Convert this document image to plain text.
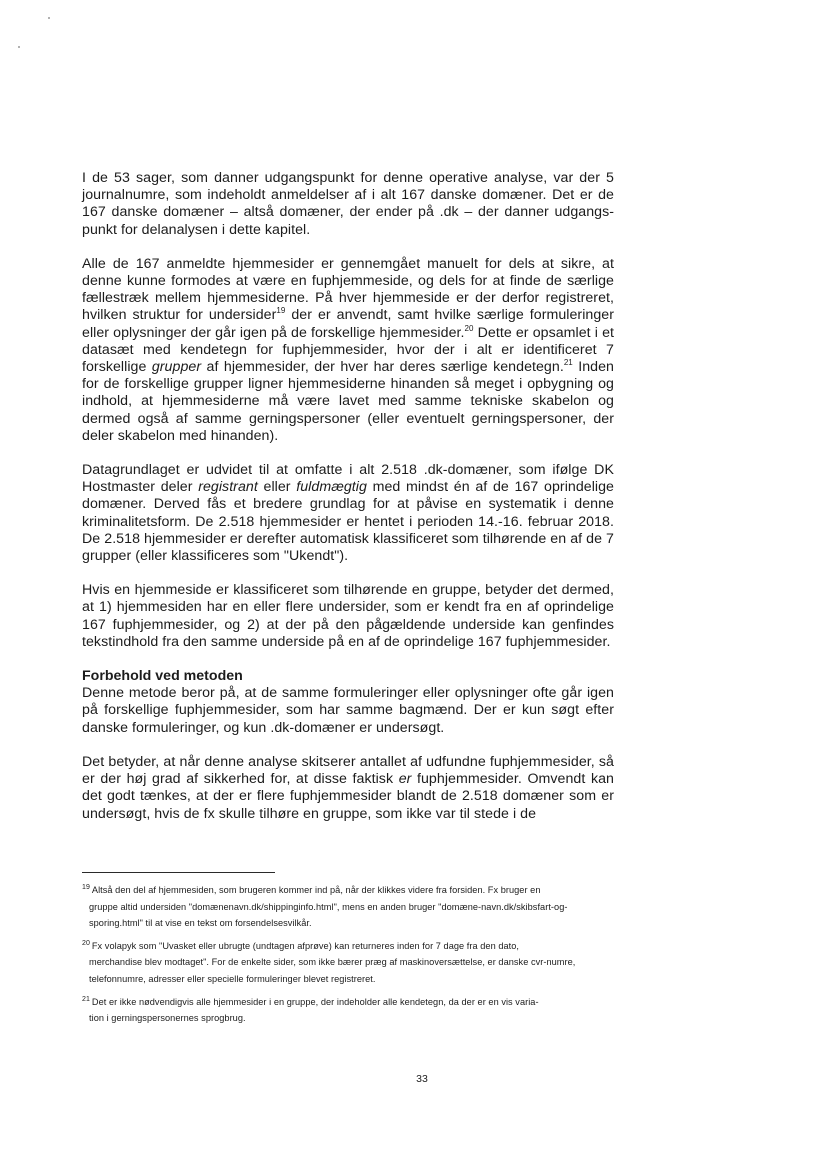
I de 53 sager, som danner udgangspunkt for denne operative analyse, var der 5 journalnumre, som indeholdt anmeldelser af i alt 167 danske domæner. Det er de 167 danske domæner – altså domæner, der ender på .dk – der danner udgangspunkt for delanalysen i dette kapitel.

Alle de 167 anmeldte hjemmesider er gennemgået manuelt for dels at sikre, at denne kunne formodes at være en fuphjemmeside, og dels for at finde de særlige fællestræk mellem hjemmesiderne. På hver hjemmeside er der derfor registreret, hvilken struktur for undersider$^{19}$ der er anvendt, samt hvilke særlige formuleringer eller oplysninger der går igen på de forskellige hjemmesider.$^{20}$ Dette er opsamlet i et datasæt med kendetegn for fuphjemmesider, hvor der i alt er identificeret 7 forskellige grupper af hjemmesider, der hver har deres særlige kendetegn.$^{21}$ Inden for de forskellige grupper ligner hjemmesiderne hinanden så meget i opbygning og indhold, at hjemmesiderne må være lavet med samme tekniske skabelon og dermed også af samme gerningspersoner (eller eventuelt gerningspersoner, der deler skabelon med hinanden).

Datagrundlaget er udvidet til at omfatte i alt 2.518 .dk-domæner, som ifølge DK Hostmaster deler registrant eller fuldmægtig med mindst én af de 167 oprindelige domæner. Derved fås et bredere grundlag for at påvise en systematik i denne kriminalitetsform. De 2.518 hjemmesider er hentet i perioden 14.-16. februar 2018. De 2.518 hjemmesider er derefter automatisk klassificeret som tilhørende en af de 7 grupper (eller klassificeres som "Ukendt").

Hvis en hjemmeside er klassificeret som tilhørende en gruppe, betyder det dermed, at 1) hjemmesiden har en eller flere undersider, som er kendt fra en af oprindelige 167 fuphjemmesider, og 2) at der på den pågældende underside kan genfindes tekstindhold fra den samme underside på en af de oprindelige 167 fuphjemmesider.

Forbehold ved metoden

Denne metode beror på, at de samme formuleringer eller oplysninger ofte går igen på forskellige fuphjemmesider, som har samme bagmænd. Der er kun søgt efter danske formuleringer, og kun .dk-domæner er undersøgt.

Det betyder, at når denne analyse skitserer antallet af udfundne fuphjemmesider, så er der høj grad af sikkerhed for, at disse faktisk er fuphjemmesider. Omvendt kan det godt tænkes, at der er flere fuphjemmesider blandt de 2.518 domæner som er undersøgt, hvis de fx skulle tilhøre en gruppe, som ikke var til stede i de

$^{19}$ Altså den del af hjemmesiden, som brugeren kommer ind på, når der klikkes videre fra forsiden. Fx bruger en
gruppe altid undersiden "domænenavn.dk/shippinginfo.html", mens en anden bruger "domæne-navn.dk/skibsfart-og-sporing.html" til at vise en tekst om forsendelsesvilkår.
$^{20}$ Fx volapyk som "Uvasket eller ubrugte (undtagen afprøve) kan returneres inden for 7 dage fra den dato,
merchandise blev modtaget". For de enkelte sider, som ikke bærer præg af maskinoversættelse, er danske cvr-numre, telefonnumre, adresser eller specielle formuleringer blevet registreret.
$^{21}$ Det er ikke nødvendigvis alle hjemmesider i en gruppe, der indeholder alle kendetegn, da der er en vis varia-
tion i gerningspersonernes sprogbrug.
33
